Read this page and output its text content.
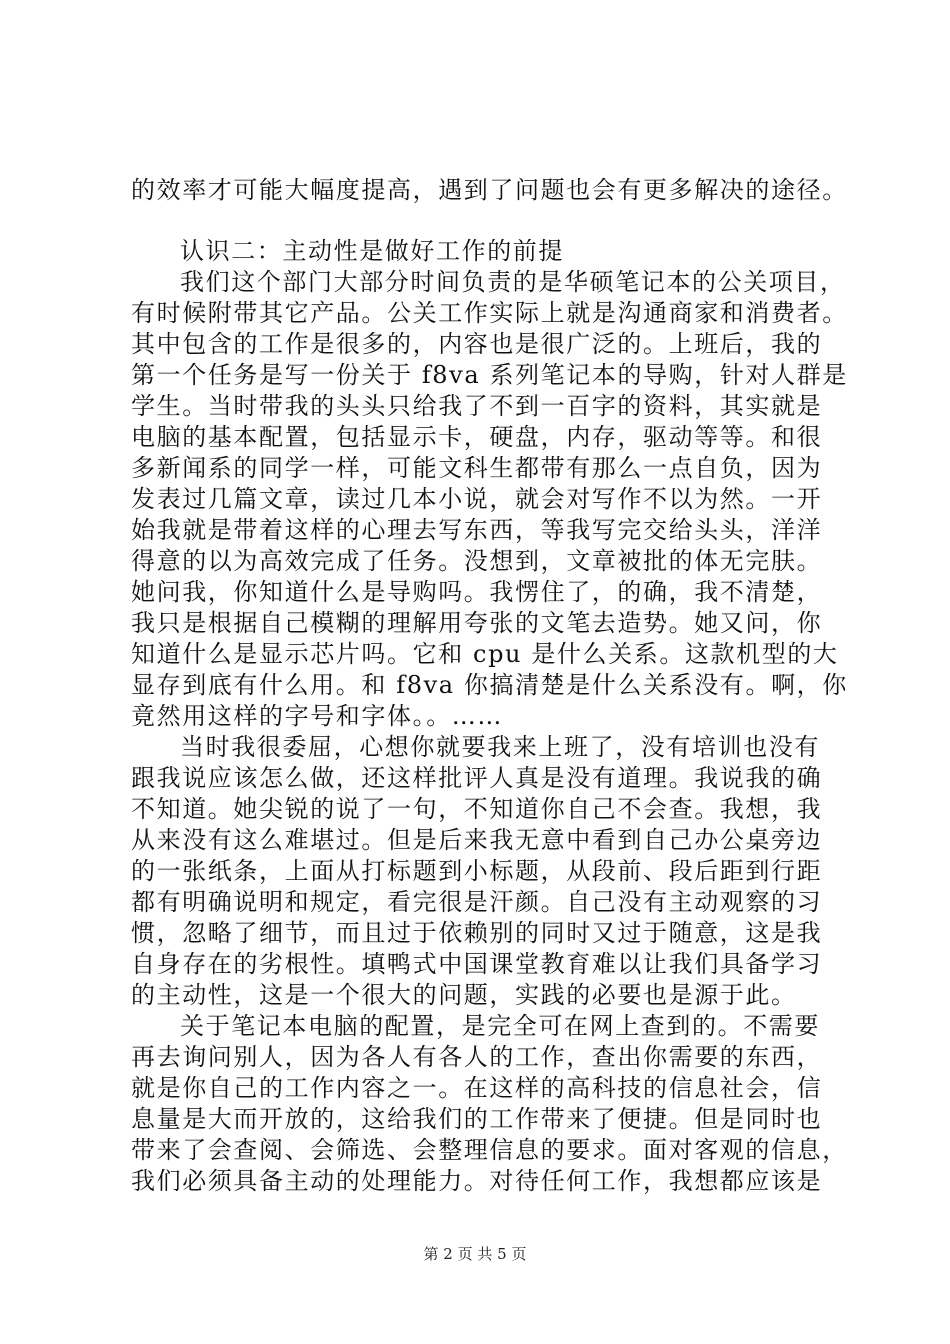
的效率才可能大幅度提高，遇到了问题也会有更多解决的途径。
认识二：主动性是做好工作的前提
我们这个部门大部分时间负责的是华硕笔记本的公关项目，
有时候附带其它产品。公关工作实际上就是沟通商家和消费者。
其中包含的工作是很多的，内容也是很广泛的。上班后，我的
第一个任务是写一份关于 f8va 系列笔记本的导购，针对人群是
学生。当时带我的头头只给我了不到一百字的资料，其实就是
电脑的基本配置，包括显示卡，硬盘，内存，驱动等等。和很
多新闻系的同学一样，可能文科生都带有那么一点自负，因为
发表过几篇文章，读过几本小说，就会对写作不以为然。一开
始我就是带着这样的心理去写东西，等我写完交给头头，洋洋
得意的以为高效完成了任务。没想到，文章被批的体无完肤。
她问我，你知道什么是导购吗。我愣住了，的确，我不清楚，
我只是根据自己模糊的理解用夸张的文笔去造势。她又问，你
知道什么是显示芯片吗。它和 cpu 是什么关系。这款机型的大
显存到底有什么用。和 f8va 你搞清楚是什么关系没有。啊，你
竟然用这样的字号和字体。。……
当时我很委屈，心想你就要我来上班了，没有培训也没有
跟我说应该怎么做，还这样批评人真是没有道理。我说我的确
不知道。她尖锐的说了一句，不知道你自己不会查。我想，我
从来没有这么难堪过。但是后来我无意中看到自己办公桌旁边
的一张纸条，上面从打标题到小标题，从段前、段后距到行距
都有明确说明和规定，看完很是汗颜。自己没有主动观察的习
惯，忽略了细节，而且过于依赖别的同时又过于随意，这是我
自身存在的劣根性。填鸭式中国课堂教育难以让我们具备学习
的主动性，这是一个很大的问题，实践的必要也是源于此。
关于笔记本电脑的配置，是完全可在网上查到的。不需要
再去询问别人，因为各人有各人的工作，查出你需要的东西，
就是你自己的工作内容之一。在这样的高科技的信息社会，信
息量是大而开放的，这给我们的工作带来了便捷。但是同时也
带来了会查阅、会筛选、会整理信息的要求。面对客观的信息，
我们必须具备主动的处理能力。对待任何工作，我想都应该是
第 2 页 共 5 页
